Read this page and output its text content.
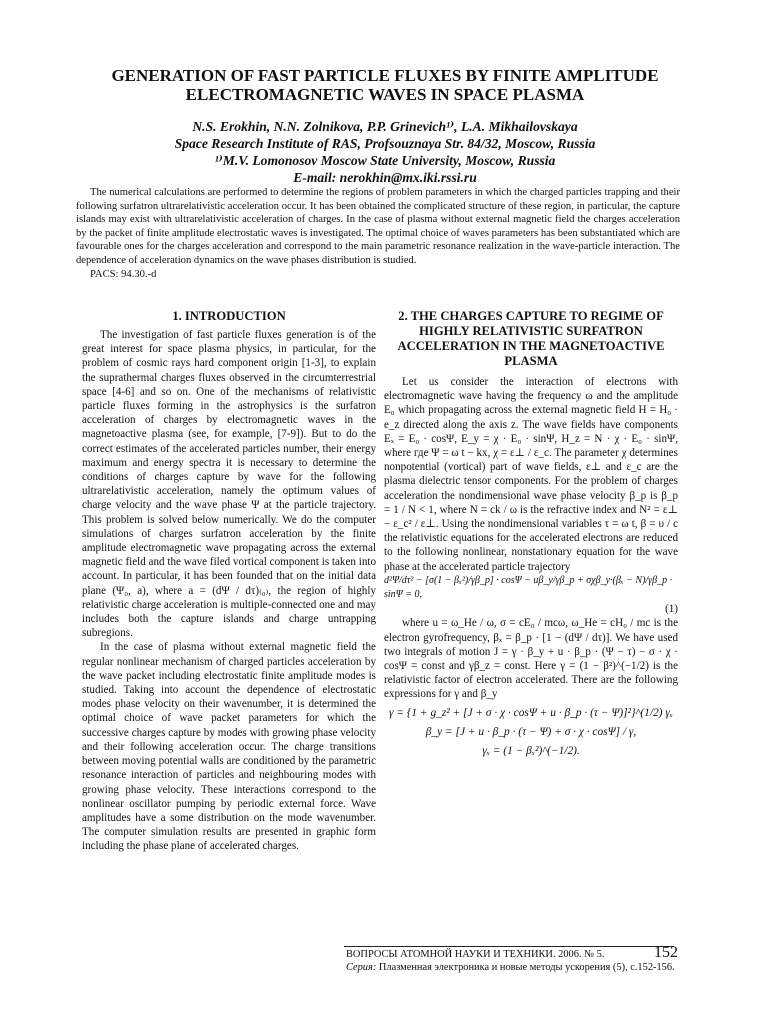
GENERATION OF FAST PARTICLE FLUXES BY FINITE AMPLITUDE
ELECTROMAGNETIC WAVES IN SPACE PLASMA
N.S. Erokhin, N.N. Zolnikova, P.P. Grinevich¹⁾, L.A. Mikhailovskaya
Space Research Institute of RAS, Profsouznaya Str. 84/32, Moscow, Russia
¹⁾M.V. Lomonosov Moscow State University, Moscow, Russia
E-mail: nerokhin@mx.iki.rssi.ru

The numerical calculations are performed to determine the regions of problem parameters in which the charged particles trapping and their following surfatron ultrarelativistic acceleration occur. It has been obtained the complicated structure of these region, in particular, the capture islands may exist with ultrarelativistic acceleration of charges. In the case of plasma without external magnetic field the charges acceleration by the packet of finite amplitude electrostatic waves is investigated. The optimal choice of waves parameters has been substantiated which are favourable ones for the charges acceleration and correspond to the main parametric resonance realization in the wave-particle interaction. The dependence of acceleration dynamics on the wave phases distribution is studied.

PACS: 94.30.-d

1. INTRODUCTION

The investigation of fast particle fluxes generation is of the great interest for space plasma physics, in particular, for the problem of cosmic rays hard component origin [1-3], to explain the suprathermal charges fluxes observed in the circumterrestrial space [4-6] and so on. One of the mechanisms of relativistic particle fluxes forming in the astrophysics is the surfatron acceleration of charges by electromagnetic waves in the magnetoactive plasma (see, for example, [7-9]). But to do the correct estimates of the accelerated particles number, their energy maximum and energy spectra it is necessary to determine the conditions of charges capture by wave for the following ultrarelativistic acceleration, namely the optimum values of charge velocity and the wave phase Ψ at the particle trajectory. This problem is solved below numerically. We do the computer simulations of charges surfatron acceleration by the finite amplitude electromagnetic wave propagating across the external magnetic field and the wave filed vortical component is taken into account. In particular, it has been founded that on the initial data plane (Ψ₀, a), where a = (dΨ / dτ)₍₀₎, the region of highly relativistic charge acceleration is multiple-connected one and may includes both the capture islands and charge untrapping subregions.

In the case of plasma without external magnetic field the regular nonlinear mechanism of charged particles acceleration by the wave packet including electrostatic finite amplitude modes is studied. Taking into account the dependence of electrostatic modes phase velocity on their wavenumber, it is determined the optimal choice of wave packet parameters for which the successive charges capture by modes with growing phase velocity and their following acceleration occur. The charge transitions between moving potential walls are conditioned by the parametric resonance interaction of particles and neighbouring modes with growing phase velocity. These interactions correspond to the nonlinear oscillator pumping by periodic external force. Wave amplitudes have a some distribution on the mode wavenumber. The computer simulation results are presented in graphic form including the phase plane of accelerated charges.

2. THE CHARGES CAPTURE TO REGIME OF HIGHLY RELATIVISTIC SURFATRON ACCELERATION IN THE MAGNETOACTIVE PLASMA

Let us consider the interaction of electrons with electromagnetic wave having the frequency ω and the amplitude E₀ which propagating across the external magnetic field H = H₀ · e_z directed along the axis z. The wave fields have components Eₓ = E₀ · cosΨ, E_y = χ · E₀ · sinΨ, H_z = N · χ · E₀ · sinΨ, where где Ψ = ω t − kx, χ = ε⊥ / ε_c. The parameter χ determines nonpotential (vortical) part of wave fields, ε⊥ and ε_c are the plasma dielectric tensor components. For the problem of charges acceleration the nondimensional wave phase velocity β_p is β_p = 1 / N < 1, where N = ck / ω is the refractive index and N² = ε⊥ − ε_c² / ε⊥. Using the nondimensional variables τ = ω t, β = υ / c the relativistic equations for the accelerated electrons are reduced to the following nonlinear, nonstationary equation for the wave phase at the accelerated particle trajectory

d²Ψ/dτ² − [σ(1 − βₓ²)/γβ_p] · cosΨ − uβ_y/γβ_p + σχβ_y·(βₓ − N)/γβ_p · sinΨ = 0,
(1)

where u = ω_He / ω, σ = cE₀ / mcω, ω_He = cH₀ / mc is the electron gyrofrequency, βₓ = β_p · [1 − (dΨ / dτ)]. We have used two integrals of motion J = γ · β_y + u · β_p · (Ψ − τ) − σ · χ · cosΨ = const and γβ_z = const. Here γ = (1 − β²)^(−1/2) is the relativistic factor of electron accelerated. There are the following expressions for γ and β_y

γ = {1 + g_z² + [J + σ · χ · cosΨ + u · β_p · (τ − Ψ)]²}^(1/2) γₓ
β_y = [J + u · β_p · (τ − Ψ) + σ · χ · cosΨ] / γ,
γₓ = (1 − βₓ²)^(−1/2).
ВОПРОСЫ АТОМНОЙ НАУКИ И ТЕХНИКИ. 2006. № 5.
Серия: Плазменная электроника и новые методы ускорения (5), с.152-156.
152
